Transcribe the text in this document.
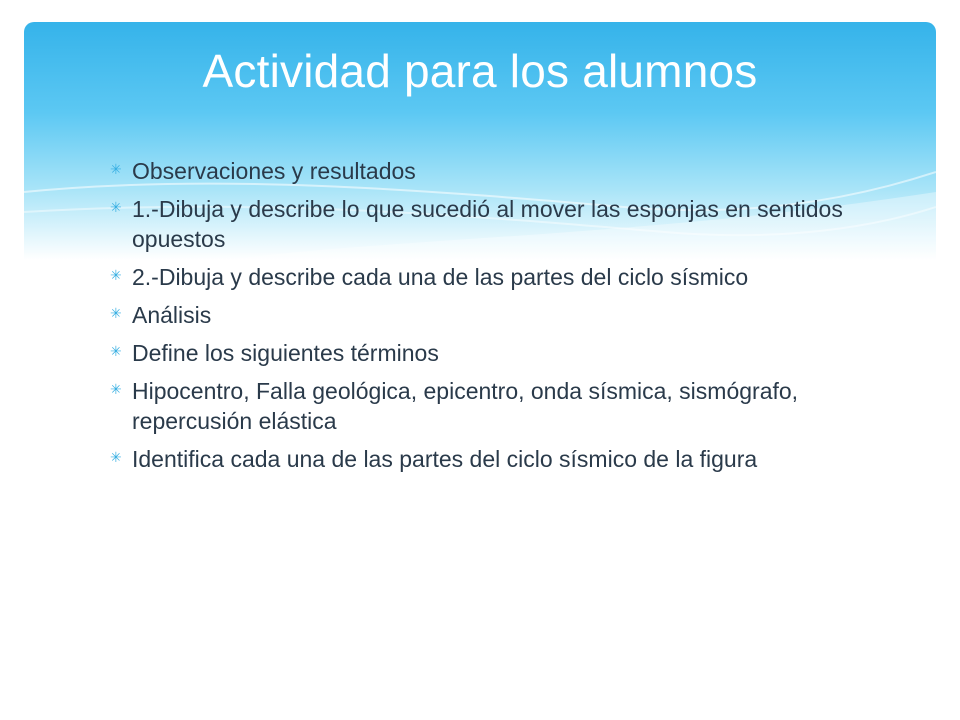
Actividad para los alumnos
✳ Observaciones y resultados
✳ 1.-Dibuja y describe lo que sucedió al mover las esponjas en sentidos opuestos
✳ 2.-Dibuja y describe cada una de las partes del ciclo sísmico
✳ Análisis
✳ Define los siguientes términos
✳ Hipocentro, Falla geológica, epicentro, onda sísmica, sismógrafo, repercusión elástica
✳ Identifica cada una de las partes del ciclo sísmico de la figura
